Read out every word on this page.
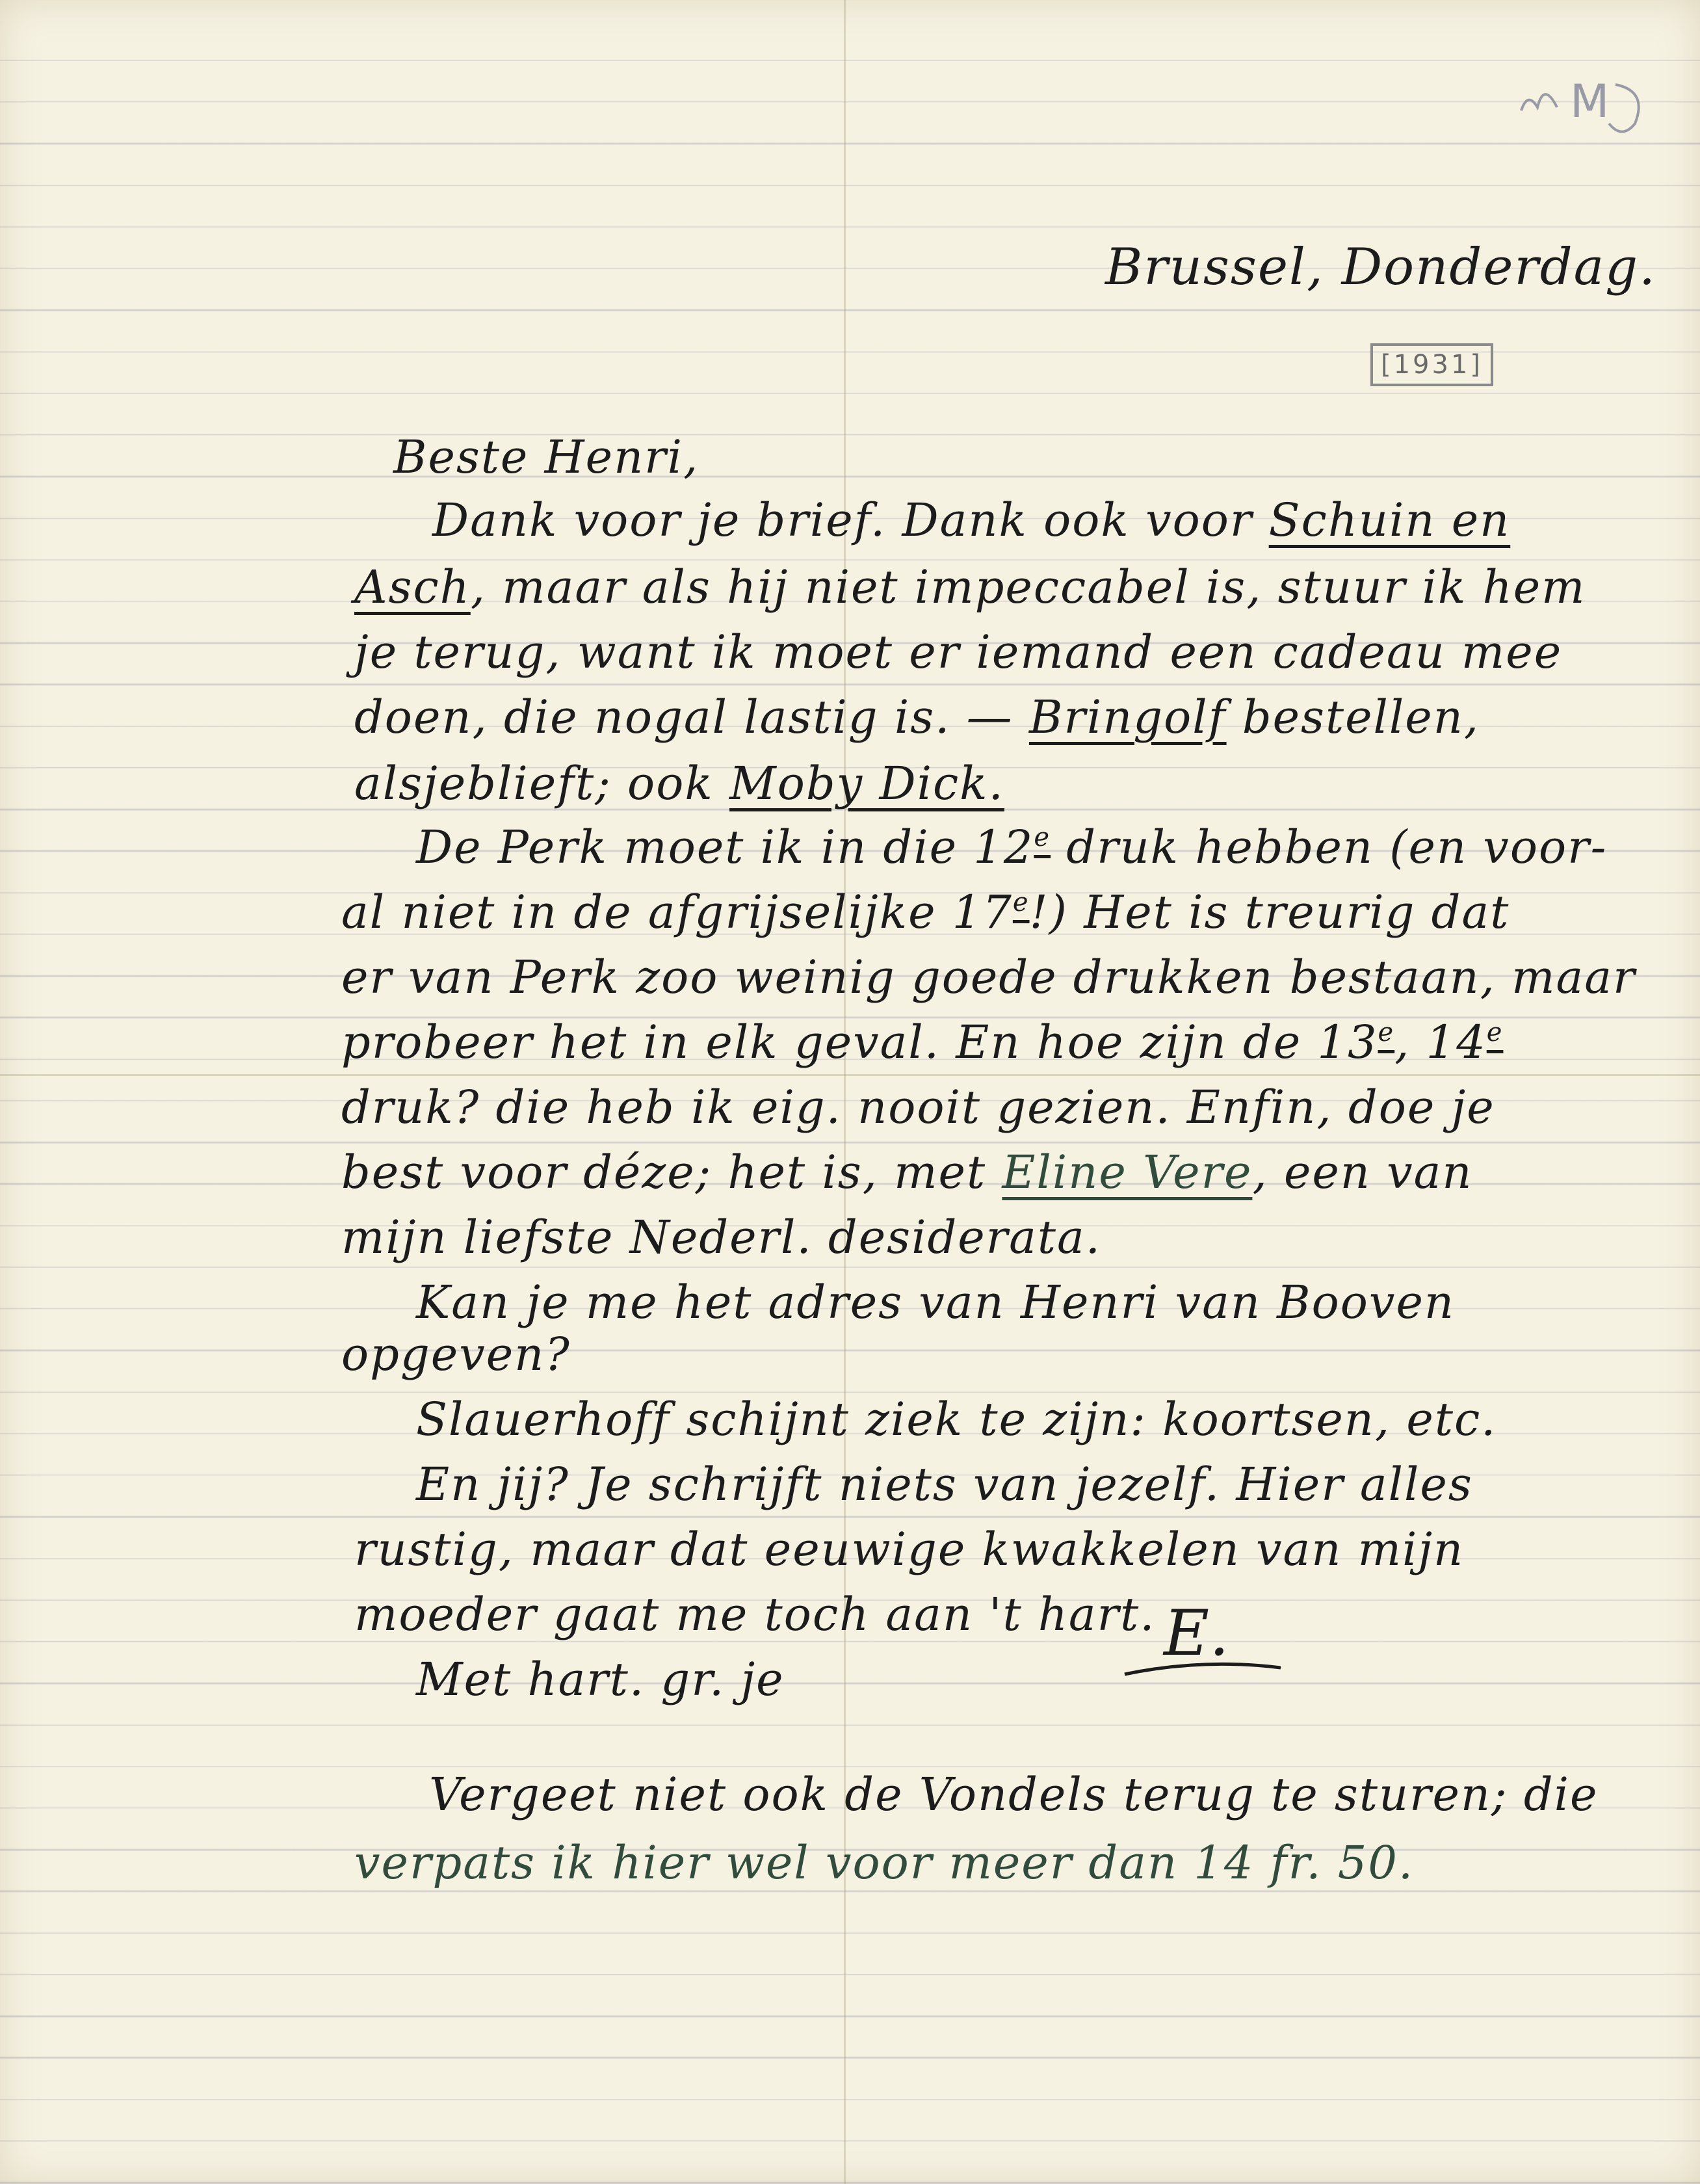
M
Brussel, Donderdag.
[1931]
Beste Henri,
Dank voor je brief. Dank ook voor Schuin en
Asch, maar als hij niet impeccabel is, stuur ik hem
je terug, want ik moet er iemand een cadeau mee
doen, die nogal lastig is. — Bringolf bestellen,
alsjeblieft; ook Moby Dick.
De Perk moet ik in die 12e druk hebben (en voor-
al niet in de afgrijselijke 17e!) Het is treurig dat
er van Perk zoo weinig goede drukken bestaan, maar
probeer het in elk geval. En hoe zijn de 13e, 14e
druk? die heb ik eig. nooit gezien. Enfin, doe je
best voor déze; het is, met Eline Vere, een van
mijn liefste Nederl. desiderata.
Kan je me het adres van Henri van Booven
opgeven?
Slauerhoff schijnt ziek te zijn: koortsen, etc.
En jij? Je schrijft niets van jezelf. Hier alles
rustig, maar dat eeuwige kwakkelen van mijn
moeder gaat me toch aan 't hart.
Met hart. gr. je
E.
Vergeet niet ook de Vondels terug te sturen; die
verpats ik hier wel voor meer dan 14 fr. 50.
